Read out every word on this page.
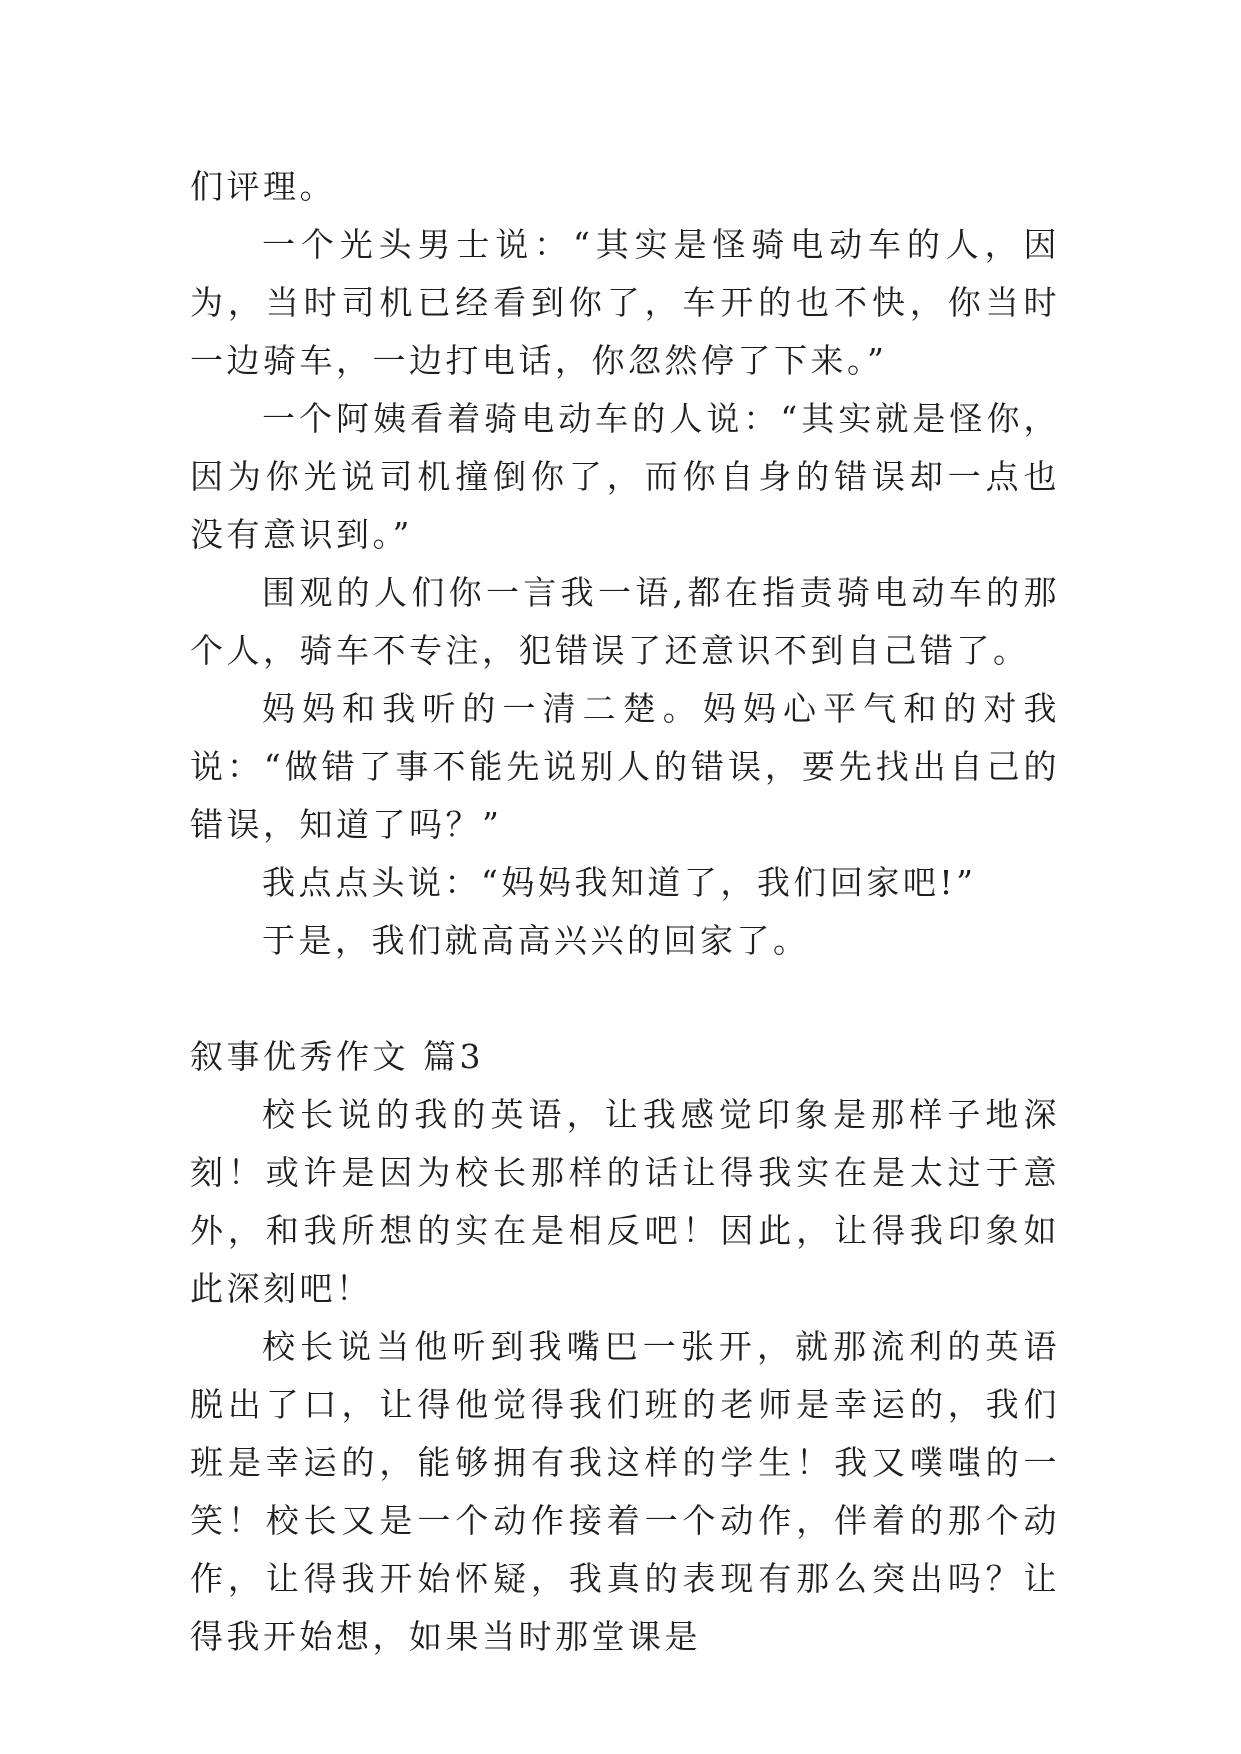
们评理。

一个光头男士说：“其实是怪骑电动车的人，因为，当时司机已经看到你了，车开的也不快，你当时一边骑车，一边打电话，你忽然停了下来。”

一个阿姨看着骑电动车的人说：“其实就是怪你，因为你光说司机撞倒你了，而你自身的错误却一点也没有意识到。”

围观的人们你一言我一语,都在指责骑电动车的那个人，骑车不专注，犯错误了还意识不到自己错了。

妈妈和我听的一清二楚。妈妈心平气和的对我说：“做错了事不能先说别人的错误，要先找出自己的错误，知道了吗？”

我点点头说：“妈妈我知道了，我们回家吧!”

于是，我们就高高兴兴的回家了。

叙事优秀作文 篇3

校长说的我的英语，让我感觉印象是那样子地深刻！或许是因为校长那样的话让得我实在是太过于意外，和我所想的实在是相反吧！因此，让得我印象如此深刻吧！

校长说当他听到我嘴巴一张开，就那流利的英语脱出了口，让得他觉得我们班的老师是幸运的，我们班是幸运的，能够拥有我这样的学生！我又噗嗤的一笑！校长又是一个动作接着一个动作，伴着的那个动作，让得我开始怀疑，我真的表现有那么突出吗？让得我开始想，如果当时那堂课是
